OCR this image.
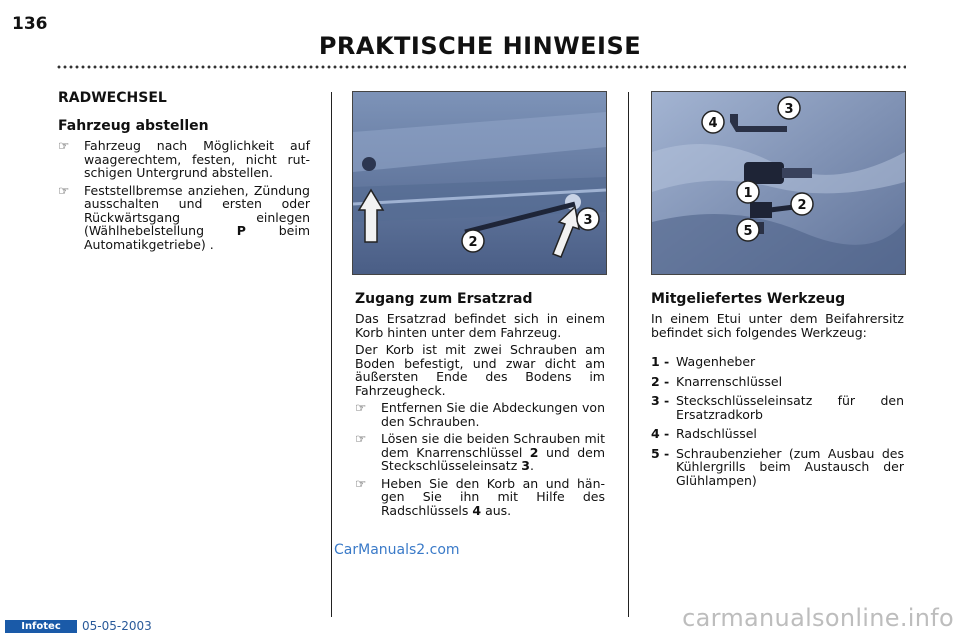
136
PRAKTISCHE HINWEISE
RADWECHSEL
Fahrzeug abstellen
☞ Fahrzeug nach Möglichkeit auf waagerechtem, festen, nicht rut-schigen Untergrund abstellen.
☞ Feststellbremse anziehen, Zündung ausschalten und ersten oder Rückwärtsgang einlegen (Wählhebelstellung P beim Automatikgetriebe) .	2
3
Zugang zum Ersatzrad
Das Ersatzrad befindet sich in einem Korb hinten unter dem Fahrzeug.
Der Korb ist mit zwei Schrauben am Boden befestigt, und zwar dicht am äußersten Ende des Bodens im Fahrzeugheck.
☞ Entfernen Sie die Abdeckungen von den Schrauben.
☞ Lösen sie die beiden Schrauben mit dem Knarrenschlüssel 2 und dem Steckschlüsseleinsatz 3.
☞ Heben Sie den Korb an und hän-gen Sie ihn mit Hilfe des Radschlüssels 4 aus.
4
3
1
2
5
Mitgeliefertes Werkzeug
In einem Etui unter dem Beifahrersitz befindet sich folgendes Werkzeug:
1 - Wagenheber
2 - Knarrenschlüssel
3 - Steckschlüsseleinsatz für den Ersatzradkorb
4 - Radschlüssel
5 - Schraubenzieher (zum Ausbau des Kühlergrills beim Austausch der Glühlampen)
Infotec	05-05-2003
CarManuals2.com
carmanualsonline.info
